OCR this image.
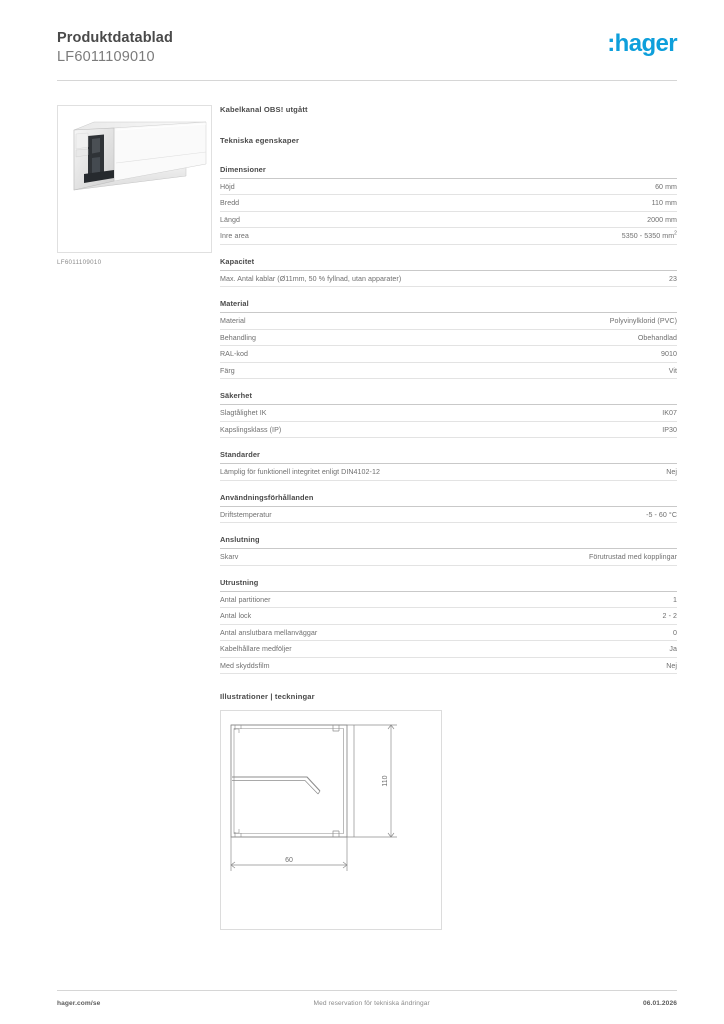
Produktdatablad
LF6011109010
:hager
LF6011109010
Kabelkanal OBS! utgått
Tekniska egenskaper
Dimensioner
Höjd	60 mm
Bredd	110 mm
Längd	2000 mm
Inre area	5350 - 5350 $mm^2$
Kapacitet
Max. Antal kablar (Ø11mm, 50 % fyllnad, utan apparater)	23
Material
Material	Polyvinylklorid (PVC)
Behandling	Obehandlad
RAL-kod	9010
Färg	Vit
Säkerhet
Slagtålighet IK	IK07
Kapslingsklass (IP)	IP30
Standarder
Lämplig för funktionell integritet enligt DIN4102-12	Nej
Användningsförhållanden
Driftstemperatur	-5 - 60 °C
Anslutning
Skarv	Förutrustad med kopplingar
Utrustning
Antal partitioner	1
Antal lock	2 - 2
Antal anslutbara mellanväggar	0
Kabelhållare medföljer	Ja
Med skyddsfilm	Nej
Illustrationer | teckningar
110
60
hager.com/se	Med reservation för tekniska ändringar	06.01.2026
